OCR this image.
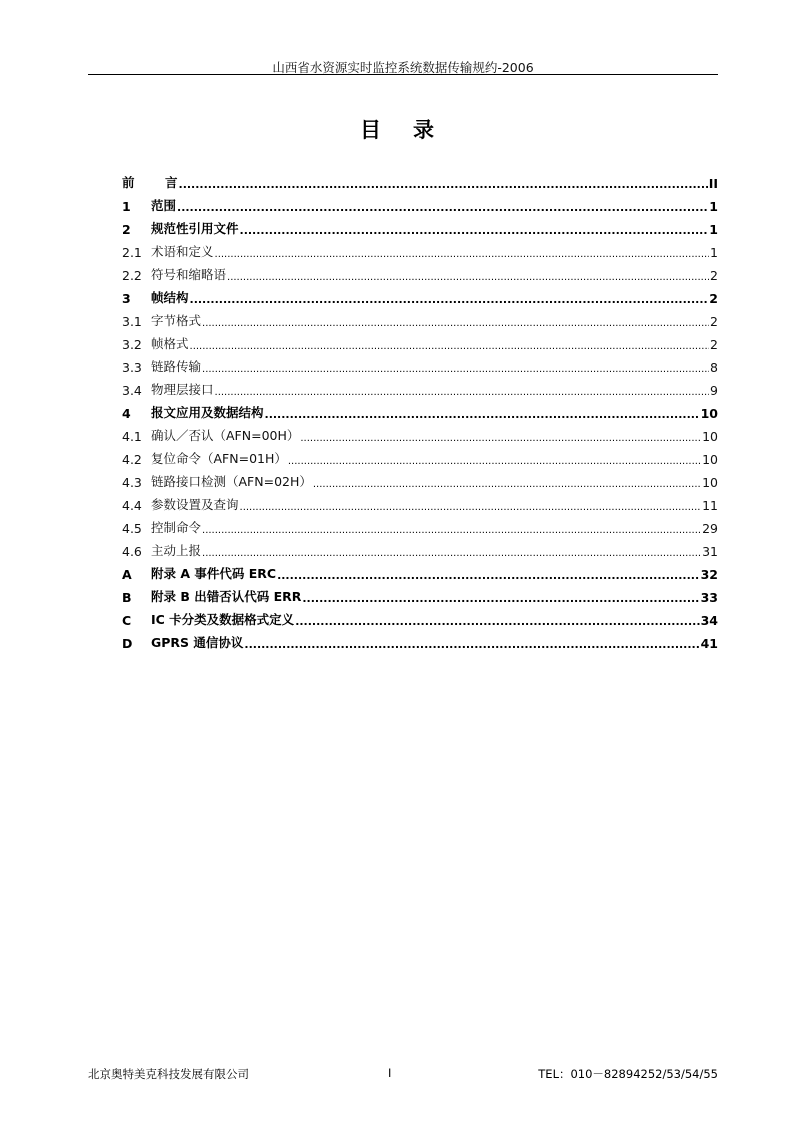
山西省水资源实时监控系统数据传输规约-2006
目录
前	言 .....	II
1	范围 .....	1
2	规范性引用文件 .....	1
2.1 术语和定义 .....	1
2.2 符号和缩略语 .....	2
3	帧结构 .....	2
3.1 字节格式 .....	2
3.2 帧格式 .....	2
3.3 链路传输 .....	8
3.4 物理层接口 .....	9
4	报文应用及数据结构 .....	10
4.1 确认／否认（AFN=00H） .....	10
4.2 复位命令（AFN=01H） .....	10
4.3 链路接口检测（AFN=02H） .....	10
4.4 参数设置及查询 .....	11
4.5 控制命令 .....	29
4.6 主动上报 .....	31
A	附录 A 事件代码 ERC .....	32
B	附录 B 出错否认代码 ERR .....	33
C	IC 卡分类及数据格式定义 .....	34
D	GPRS 通信协议 .....	41
北京奥特美克科技发展有限公司	I	TEL：010－82894252/53/54/55
